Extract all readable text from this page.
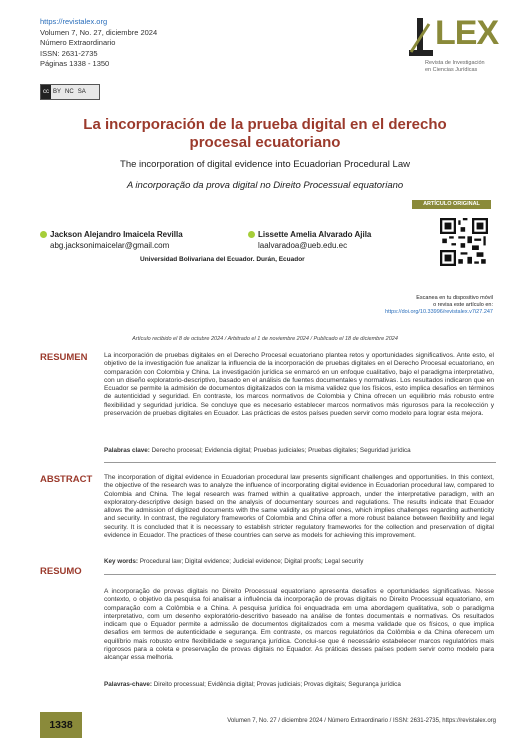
https://revistalex.org
Volumen 7, No. 27, diciembre 2024
Número Extraordinario
ISSN: 2631-2735
Páginas 1338 - 1350
cc BY NC SA
LEX
Revista de Investigación
en Ciencias Jurídicas
La incorporación de la prueba digital en el derecho procesal ecuatoriano
The incorporation of digital evidence into Ecuadorian Procedural Law
A incorporação da prova digital no Direito Processual equatoriano
ARTÍCULO ORIGINAL
Jackson Alejandro Imaicela Revilla
abg.jacksonimaicelar@gmail.com
Lissette Amelia Alvarado Ajila
laalvaradoa@ueb.edu.ec
Universidad Bolivariana del Ecuador. Durán, Ecuador
Escanea en tu dispositivo móvil
o revisa este artículo en:
https://doi.org/10.33996/revistalex.v7i27.247
Artículo recibido el 8 de octubre 2024 / Arbitrado el 1 de noviembre 2024 / Publicado el 18 de diciembre 2024
RESUMEN La incorporación de pruebas digitales en el Derecho Procesal ecuatoriano plantea retos y oportunidades significativos. Ante esto, el objetivo de la investigación fue analizar la influencia de la incorporación de pruebas digitales en el Derecho Procesal ecuatoriano, en comparación con Colombia y China. La investigación jurídica se enmarcó en un enfoque cualitativo, bajo el paradigma interpretativo, con un diseño exploratorio-descriptivo, basado en el análisis de fuentes documentales y normativas. Los resultados indicaron que en Ecuador se permite la admisión de documentos digitalizados con la misma validez que los físicos, esto implica desafíos en términos de autenticidad y seguridad. En contraste, los marcos normativos de Colombia y China ofrecen un equilibrio más robusto entre flexibilidad y seguridad jurídica. Se concluye que es necesario establecer marcos normativos más rigurosos para la recolección y preservación de pruebas digitales en Ecuador. Las prácticas de estos países pueden servir como modelo para lograr esta mejora.
Palabras clave: Derecho procesal; Evidencia digital; Pruebas judiciales; Pruebas digitales; Seguridad jurídica
ABSTRACT The incorporation of digital evidence in Ecuadorian procedural law presents significant challenges and opportunities. In this context, the objective of the research was to analyze the influence of incorporating digital evidence in Ecuadorian procedural law, compared to Colombia and China. The legal research was framed within a qualitative approach, under the interpretative paradigm, with an exploratory-descriptive design based on the analysis of documentary sources and regulations. The results indicate that Ecuador allows the admission of digitized documents with the same validity as physical ones, which implies challenges regarding authenticity and security. In contrast, the regulatory frameworks of Colombia and China offer a more robust balance between flexibility and legal security. It is concluded that it is necessary to establish stricter regulatory frameworks for the collection and preservation of digital evidence in Ecuador. The practices of these countries can serve as models for achieving this improvement.
Key words: Procedural law; Digital evidence; Judicial evidence; Digital proofs; Legal security
RESUMO
A incorporação de provas digitais no Direito Processual equatoriano apresenta desafios e oportunidades significativas. Nesse contexto, o objetivo da pesquisa foi analisar a influência da incorporação de provas digitais no Direito Processual equatoriano, em comparação com a Colômbia e a China. A pesquisa jurídica foi enquadrada em uma abordagem qualitativa, sob o paradigma interpretativo, com um desenho exploratório-descritivo baseado na análise de fontes documentais e normativas. Os resultados indicam que o Equador permite a admissão de documentos digitalizados com a mesma validade que os físicos, o que implica desafios em termos de autenticidade e segurança. Em contraste, os marcos regulatórios da Colômbia e da China oferecem um equilíbrio mais robusto entre flexibilidade e segurança jurídica. Conclui-se que é necessário estabelecer marcos regulatórios mais rigorosos para a coleta e preservação de provas digitais no Equador. As práticas desses países podem servir como modelo para alcançar essa melhoria.
Palavras-chave: Direito processual; Evidência digital; Provas judiciais; Provas digitais; Segurança jurídica
1338	Volumen 7, No. 27 / diciembre 2024 / Número Extraordinario / ISSN: 2631-2735, https://revistalex.org
